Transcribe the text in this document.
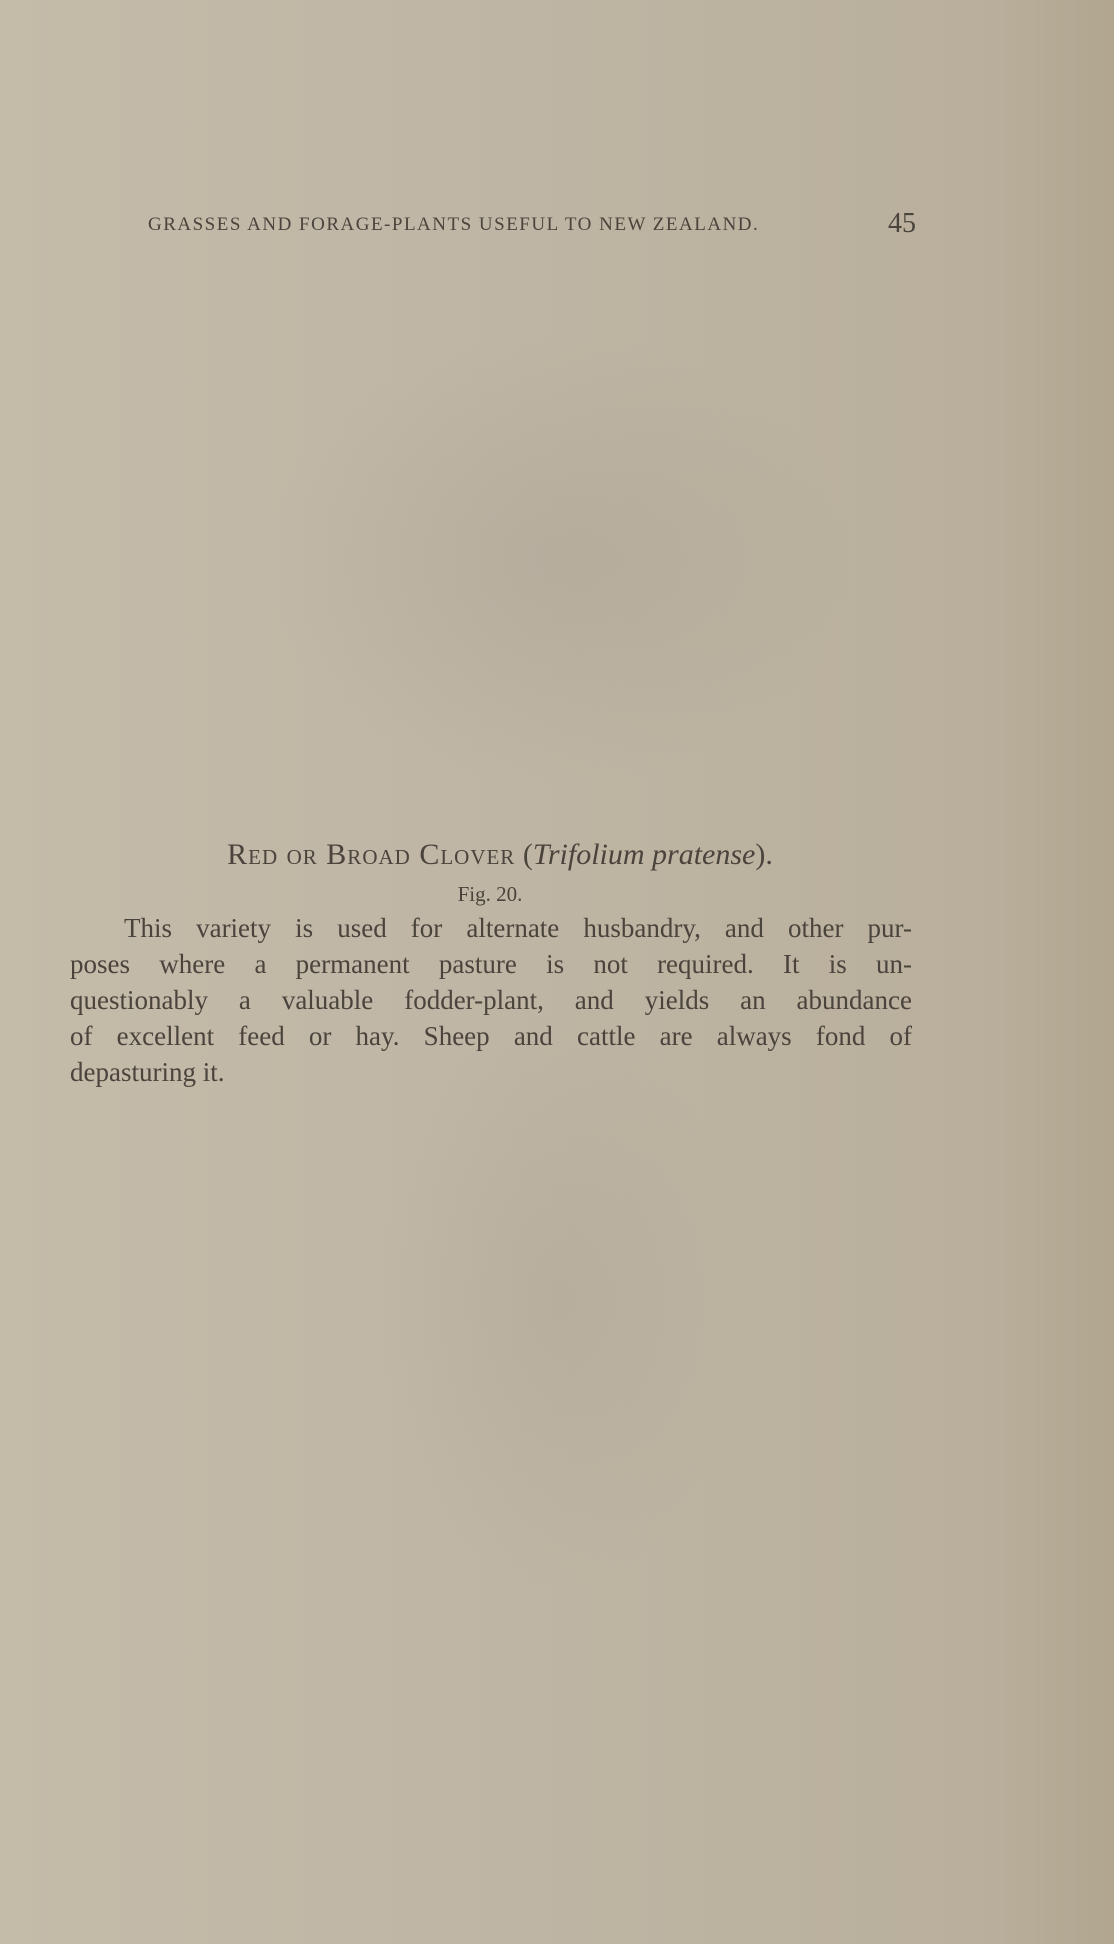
GRASSES AND FORAGE-PLANTS USEFUL TO NEW ZEALAND.	45
Red or Broad Clover (Trifolium pratense).
Fig. 20.

This variety is used for alternate husbandry, and other pur-
poses where a permanent pasture is not required. It is un-
questionably a valuable fodder-plant, and yields an abundance
of excellent feed or hay. Sheep and cattle are always fond of
depasturing it.
